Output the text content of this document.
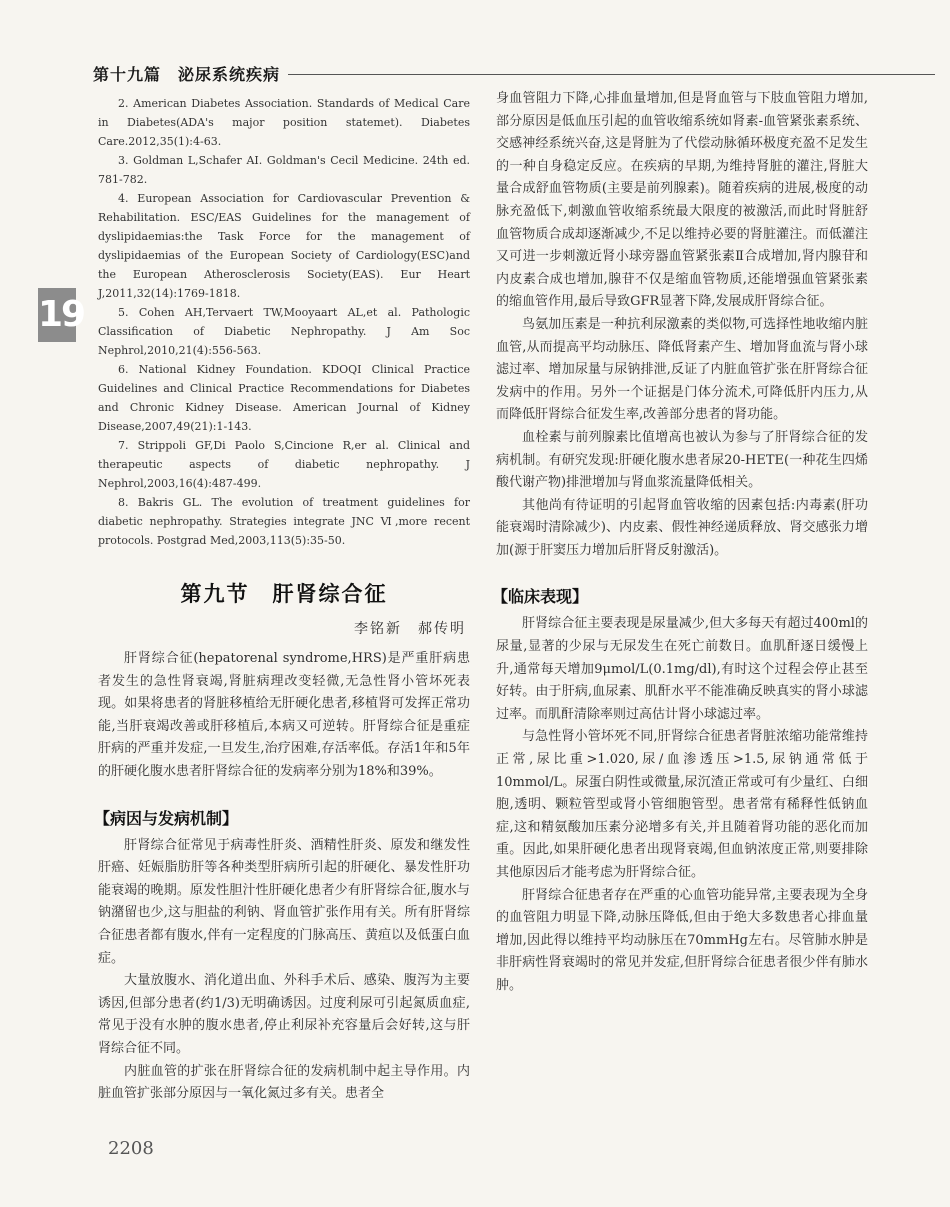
第十九篇　泌尿系统疾病
19

2. American Diabetes Association. Standards of Medical Care in Diabetes(ADA's major position statemet). Diabetes Care.2012,35(1):4-63.

3. Goldman L,Schafer AI. Goldman's Cecil Medicine. 24th ed. 781-782.

4. European Association for Cardiovascular Prevention & Rehabilitation. ESC/EAS Guidelines for the management of dyslipidaemias:the Task Force for the management of dyslipidaemias of the European Society of Cardiology(ESC)and the European Atherosclerosis Society(EAS). Eur Heart J,2011,32(14):1769-1818.

5. Cohen AH,Tervaert TW,Mooyaart AL,et al. Pathologic Classification of Diabetic Nephropathy. J Am Soc Nephrol,2010,21(4):556-563.

6. National Kidney Foundation. KDOQI Clinical Practice Guidelines and Clinical Practice Recommendations for Diabetes and Chronic Kidney Disease. American Journal of Kidney Disease,2007,49(21):1-143.

7. Strippoli GF,Di Paolo S,Cincione R,er al. Clinical and therapeutic aspects of diabetic nephropathy. J Nephrol,2003,16(4):487-499.

8. Bakris GL. The evolution of treatment guidelines for diabetic nephropathy. Strategies integrate JNC Ⅵ,more recent protocols. Postgrad Med,2003,113(5):35-50.

第九节　肝肾综合征
李铭新　郝传明

肝肾综合征(hepatorenal syndrome,HRS)是严重肝病患者发生的急性肾衰竭,肾脏病理改变轻微,无急性肾小管坏死表现。如果将患者的肾脏移植给无肝硬化患者,移植肾可发挥正常功能,当肝衰竭改善或肝移植后,本病又可逆转。肝肾综合征是重症肝病的严重并发症,一旦发生,治疗困难,存活率低。存活1年和5年的肝硬化腹水患者肝肾综合征的发病率分别为18%和39%。

【病因与发病机制】

肝肾综合征常见于病毒性肝炎、酒精性肝炎、原发和继发性肝癌、妊娠脂肪肝等各种类型肝病所引起的肝硬化、暴发性肝功能衰竭的晚期。原发性胆汁性肝硬化患者少有肝肾综合征,腹水与钠潴留也少,这与胆盐的利钠、肾血管扩张作用有关。所有肝肾综合征患者都有腹水,伴有一定程度的门脉高压、黄疸以及低蛋白血症。

大量放腹水、消化道出血、外科手术后、感染、腹泻为主要诱因,但部分患者(约1/3)无明确诱因。过度利尿可引起氮质血症,常见于没有水肿的腹水患者,停止利尿补充容量后会好转,这与肝肾综合征不同。

内脏血管的扩张在肝肾综合征的发病机制中起主导作用。内脏血管扩张部分原因与一氧化氮过多有关。患者全

身血管阻力下降,心排血量增加,但是肾血管与下肢血管阻力增加,部分原因是低血压引起的血管收缩系统如肾素-血管紧张素系统、交感神经系统兴奋,这是肾脏为了代偿动脉循环极度充盈不足发生的一种自身稳定反应。在疾病的早期,为维持肾脏的灌注,肾脏大量合成舒血管物质(主要是前列腺素)。随着疾病的进展,极度的动脉充盈低下,刺激血管收缩系统最大限度的被激活,而此时肾脏舒血管物质合成却逐渐减少,不足以维持必要的肾脏灌注。而低灌注又可进一步刺激近肾小球旁器血管紧张素Ⅱ合成增加,肾内腺苷和内皮素合成也增加,腺苷不仅是缩血管物质,还能增强血管紧张素的缩血管作用,最后导致GFR显著下降,发展成肝肾综合征。

鸟氨加压素是一种抗利尿激素的类似物,可选择性地收缩内脏血管,从而提高平均动脉压、降低肾素产生、增加肾血流与肾小球滤过率、增加尿量与尿钠排泄,反证了内脏血管扩张在肝肾综合征发病中的作用。另外一个证据是门体分流术,可降低肝内压力,从而降低肝肾综合征发生率,改善部分患者的肾功能。

血栓素与前列腺素比值增高也被认为参与了肝肾综合征的发病机制。有研究发现:肝硬化腹水患者尿20-HETE(一种花生四烯酸代谢产物)排泄增加与肾血浆流量降低相关。

其他尚有待证明的引起肾血管收缩的因素包括:内毒素(肝功能衰竭时清除减少)、内皮素、假性神经递质释放、肾交感张力增加(源于肝窦压力增加后肝肾反射激活)。

【临床表现】

肝肾综合征主要表现是尿量减少,但大多每天有超过400ml的尿量,显著的少尿与无尿发生在死亡前数日。血肌酐逐日缓慢上升,通常每天增加9μmol/L(0.1mg/dl),有时这个过程会停止甚至好转。由于肝病,血尿素、肌酐水平不能准确反映真实的肾小球滤过率。而肌酐清除率则过高估计肾小球滤过率。

与急性肾小管坏死不同,肝肾综合征患者肾脏浓缩功能常维持正常,尿比重>1.020,尿/血渗透压>1.5,尿钠通常低于10mmol/L。尿蛋白阴性或微量,尿沉渣正常或可有少量红、白细胞,透明、颗粒管型或肾小管细胞管型。患者常有稀释性低钠血症,这和精氨酸加压素分泌增多有关,并且随着肾功能的恶化而加重。因此,如果肝硬化患者出现肾衰竭,但血钠浓度正常,则要排除其他原因后才能考虑为肝肾综合征。

肝肾综合征患者存在严重的心血管功能异常,主要表现为全身的血管阻力明显下降,动脉压降低,但由于绝大多数患者心排血量增加,因此得以维持平均动脉压在70mmHg左右。尽管肺水肿是非肝病性肾衰竭时的常见并发症,但肝肾综合征患者很少伴有肺水肿。

2208
